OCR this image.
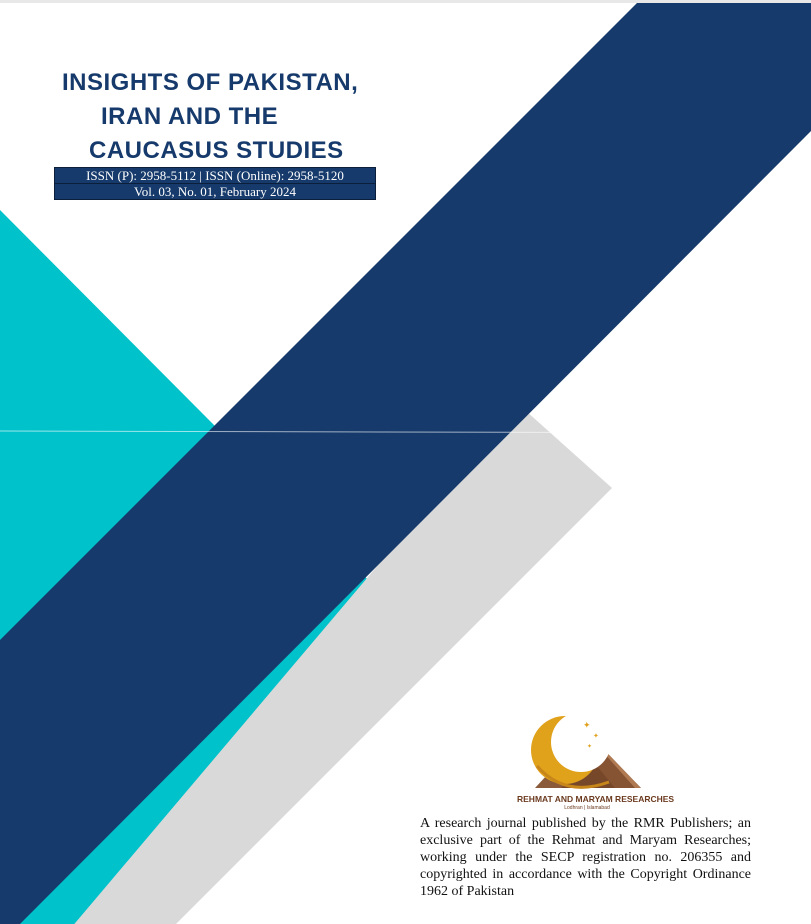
INSIGHTS OF PAKISTAN,
IRAN AND THE
CAUCASUS STUDIES
ISSN (P): 2958-5112 | ISSN (Online): 2958-5120
Vol. 03, No. 01, February 2024
✦
✦
✦
REHMAT AND MARYAM RESEARCHES
Lodhran | Islamabad
A research journal published by the RMR Publishers; an exclusive part of the Rehmat and Maryam Researches; working under the SECP registration no. 206355 and copyrighted in accordance with the Copyright Ordinance 1962 of Pakistan
